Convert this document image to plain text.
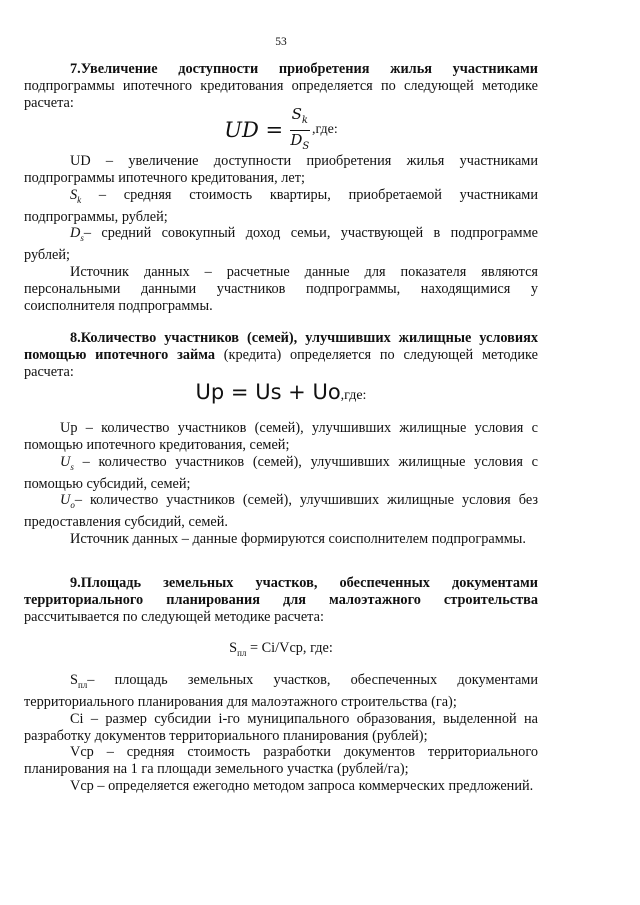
53

7.Увеличение доступности приобретения жилья участниками подпрограммы ипотечного кредитования определяется по следующей методике расчета:

UD = $\frac{S_k}{D_S} ,где$:

UD – увеличение доступности приобретения жилья участниками подпрограммы ипотечного кредитования, лет;

$S_k$ – средняя стоимость квартиры, приобретаемой участниками подпрограммы, рублей;

$D_s-$ средний совокупный доход семьи, участвующей в подпрограмме рублей;

Источник данных – расчетные данные для показателя являются персональными данными участников подпрограммы, находящимися у соисполнителя подпрограммы.

8.Количество участников (семей), улучшивших жилищные условиях помощью ипотечного займа (кредита) определяется по следующей методике расчета:

Up = Us + Uo,где:

Up – количество участников (семей), улучшивших жилищные условия с помощью ипотечного кредитования, семей;

$U_s$ – количество участников (семей), улучшивших жилищные условия с помощью субсидий, семей;

$U_o-$ количество участников (семей), улучшивших жилищные условия без предоставления субсидий, семей.

Источник данных – данные формируются соисполнителем подпрограммы.

9.Площадь земельных участков, обеспеченных документами территориального планирования для малоэтажного строительства рассчитывается по следующей методике расчета:

$S_{пл} = Ci/Vср$, где:

$S_{пл}-$ площадь земельных участков, обеспеченных документами территориального планирования для малоэтажного строительства (га);

Ci – размер субсидии i-го муниципального образования, выделенной на разработку документов территориального планирования (рублей);

Vср – средняя стоимость разработки документов территориального планирования на 1 га площади земельного участка (рублей/га);

Vср – определяется ежегодно методом запроса коммерческих предложений.
